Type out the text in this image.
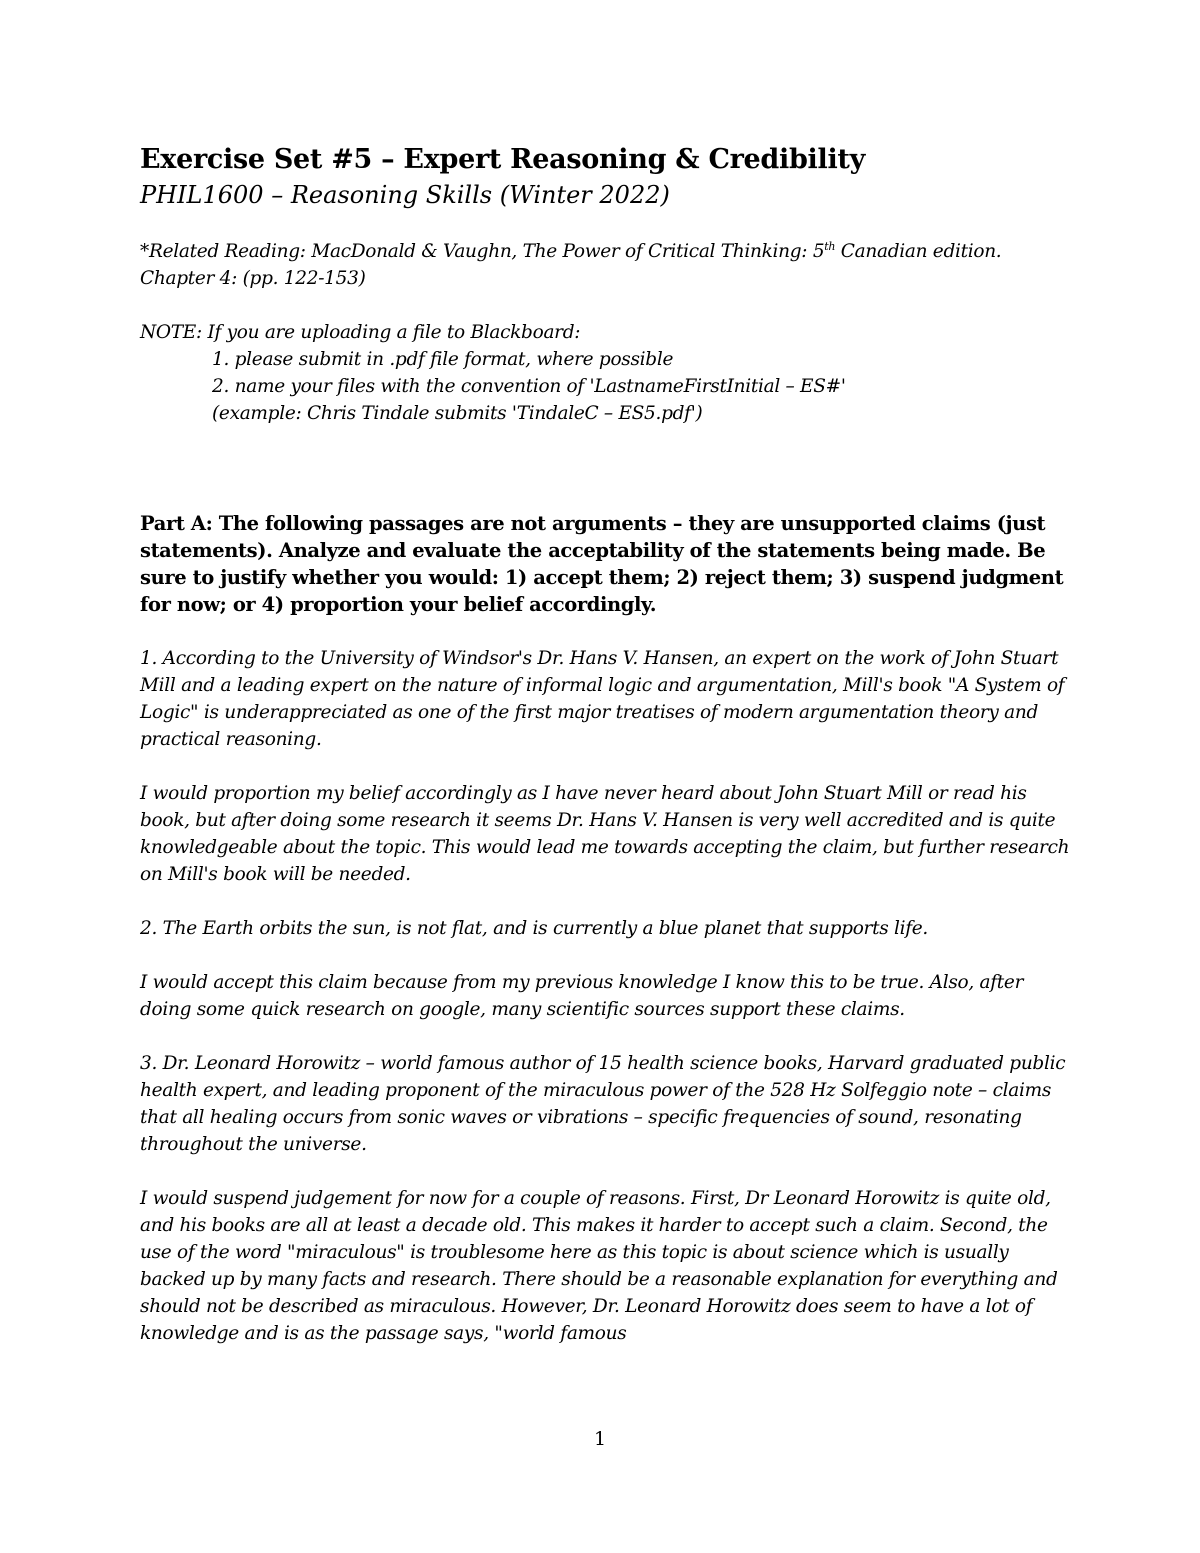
Exercise Set #5 – Expert Reasoning & Credibility

PHIL1600 – Reasoning Skills (Winter 2022)

*Related Reading: MacDonald & Vaughn, The Power of Critical Thinking: 5th Canadian edition.
Chapter 4: (pp. 122-153)
NOTE: If you are uploading a file to Blackboard:
1. please submit in .pdf file format, where possible
2. name your files with the convention of 'LastnameFirstInitial – ES#'
(example: Chris Tindale submits 'TindaleC – ES5.pdf')

Part A: The following passages are not arguments – they are unsupported claims (just statements). Analyze and evaluate the acceptability of the statements being made. Be sure to justify whether you would: 1) accept them; 2) reject them; 3) suspend judgment for now; or 4) proportion your belief accordingly.

1. According to the University of Windsor's Dr. Hans V. Hansen, an expert on the work of John Stuart Mill and a leading expert on the nature of informal logic and argumentation, Mill's book "A System of Logic" is underappreciated as one of the first major treatises of modern argumentation theory and practical reasoning.

I would proportion my belief accordingly as I have never heard about John Stuart Mill or read his book, but after doing some research it seems Dr. Hans V. Hansen is very well accredited and is quite knowledgeable about the topic. This would lead me towards accepting the claim, but further research on Mill's book will be needed.

2. The Earth orbits the sun, is not flat, and is currently a blue planet that supports life.

I would accept this claim because from my previous knowledge I know this to be true. Also, after doing some quick research on google, many scientific sources support these claims.

3. Dr. Leonard Horowitz – world famous author of 15 health science books, Harvard graduated public health expert, and leading proponent of the miraculous power of the 528 Hz Solfeggio note – claims that all healing occurs from sonic waves or vibrations – specific frequencies of sound, resonating throughout the universe.

I would suspend judgement for now for a couple of reasons. First, Dr Leonard Horowitz is quite old, and his books are all at least a decade old. This makes it harder to accept such a claim. Second, the use of the word "miraculous" is troublesome here as this topic is about science which is usually backed up by many facts and research. There should be a reasonable explanation for everything and should not be described as miraculous. However, Dr. Leonard Horowitz does seem to have a lot of knowledge and is as the passage says, "world famous

1
